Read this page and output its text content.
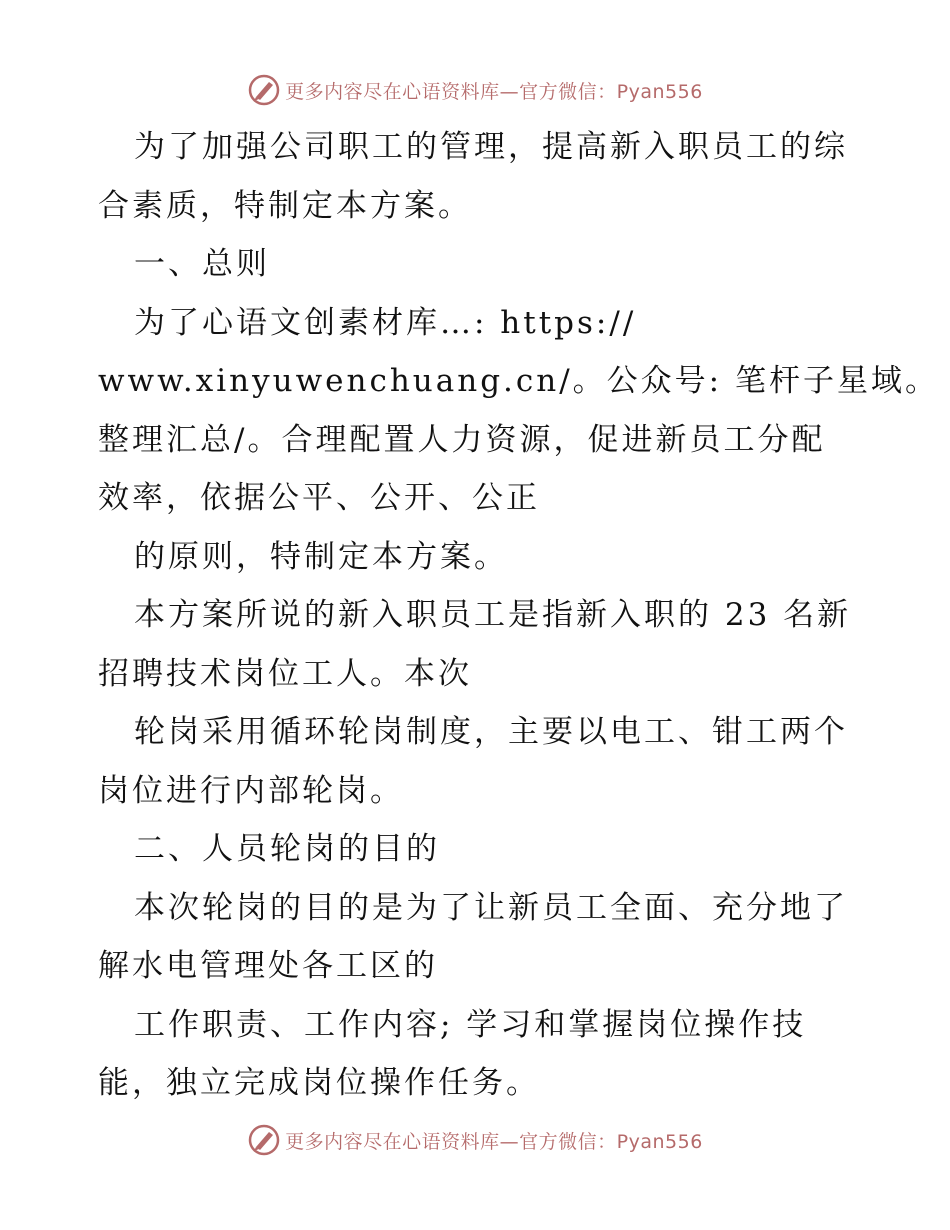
更多内容尽在心语资料库—官方微信：Pyan556
为了加强公司职工的管理，提高新入职员工的综
合素质，特制定本方案。
一、总则
为了心语文创素材库…: https://
www.xinyuwenchuang.cn/。公众号: 笔杆子星域。
整理汇总/。合理配置人力资源，促进新员工分配
效率，依据公平、公开、公正
的原则，特制定本方案。
本方案所说的新入职员工是指新入职的 23 名新
招聘技术岗位工人。本次
轮岗采用循环轮岗制度，主要以电工、钳工两个
岗位进行内部轮岗。
二、人员轮岗的目的
本次轮岗的目的是为了让新员工全面、充分地了
解水电管理处各工区的
工作职责、工作内容; 学习和掌握岗位操作技
能，独立完成岗位操作任务。
更多内容尽在心语资料库—官方微信：Pyan556
